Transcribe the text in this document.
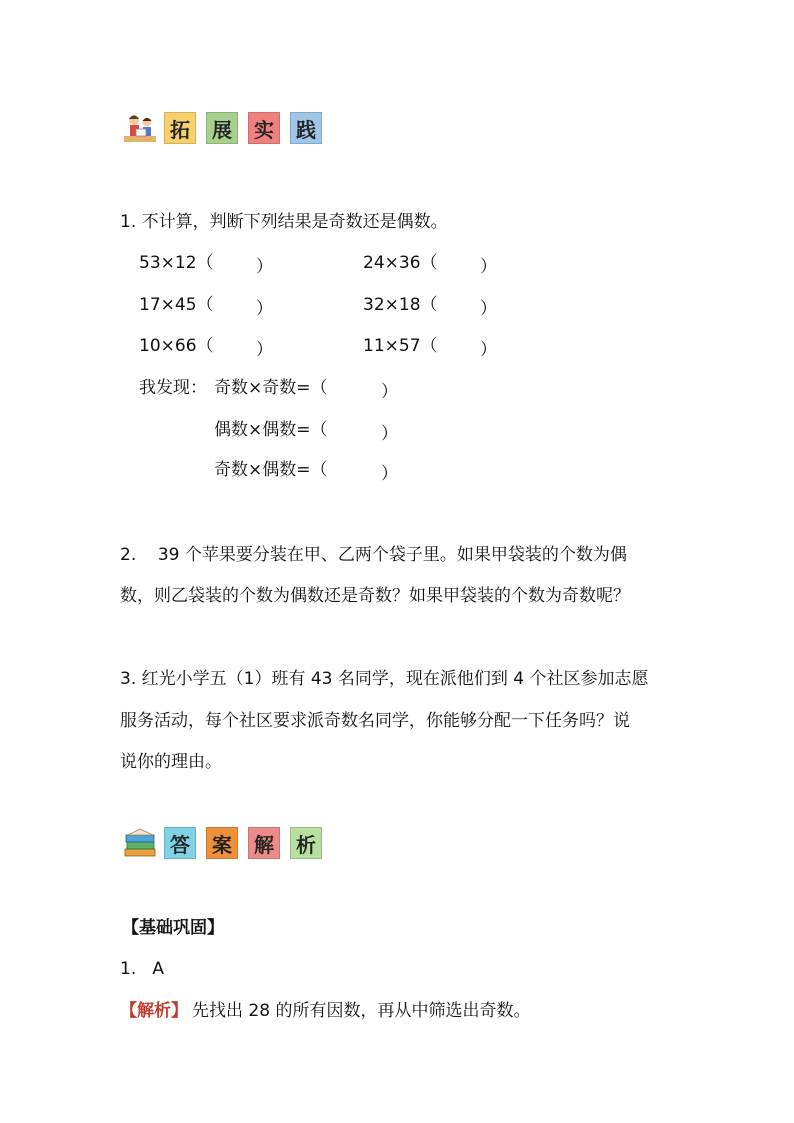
拓	展	实	践
1. 不计算，判断下列结果是奇数还是偶数。
53×12（ ）	24×36（ ）
17×45（ ）	32×18（ ）
10×66（ ）	11×57（ ）
我发现： 奇数×奇数=（	）
偶数×偶数=（	）
奇数×偶数=（	）
2.    39 个苹果要分装在甲、乙两个袋子里。如果甲袋装的个数为偶
数，则乙袋装的个数为偶数还是奇数？如果甲袋装的个数为奇数呢？
3. 红光小学五（1）班有 43 名同学，现在派他们到 4 个社区参加志愿
服务活动，每个社区要求派奇数名同学，你能够分配一下任务吗？说
说你的理由。
答	案	解	析
【基础巩固】
1.   A
【解析】 先找出 28 的所有因数，再从中筛选出奇数。
